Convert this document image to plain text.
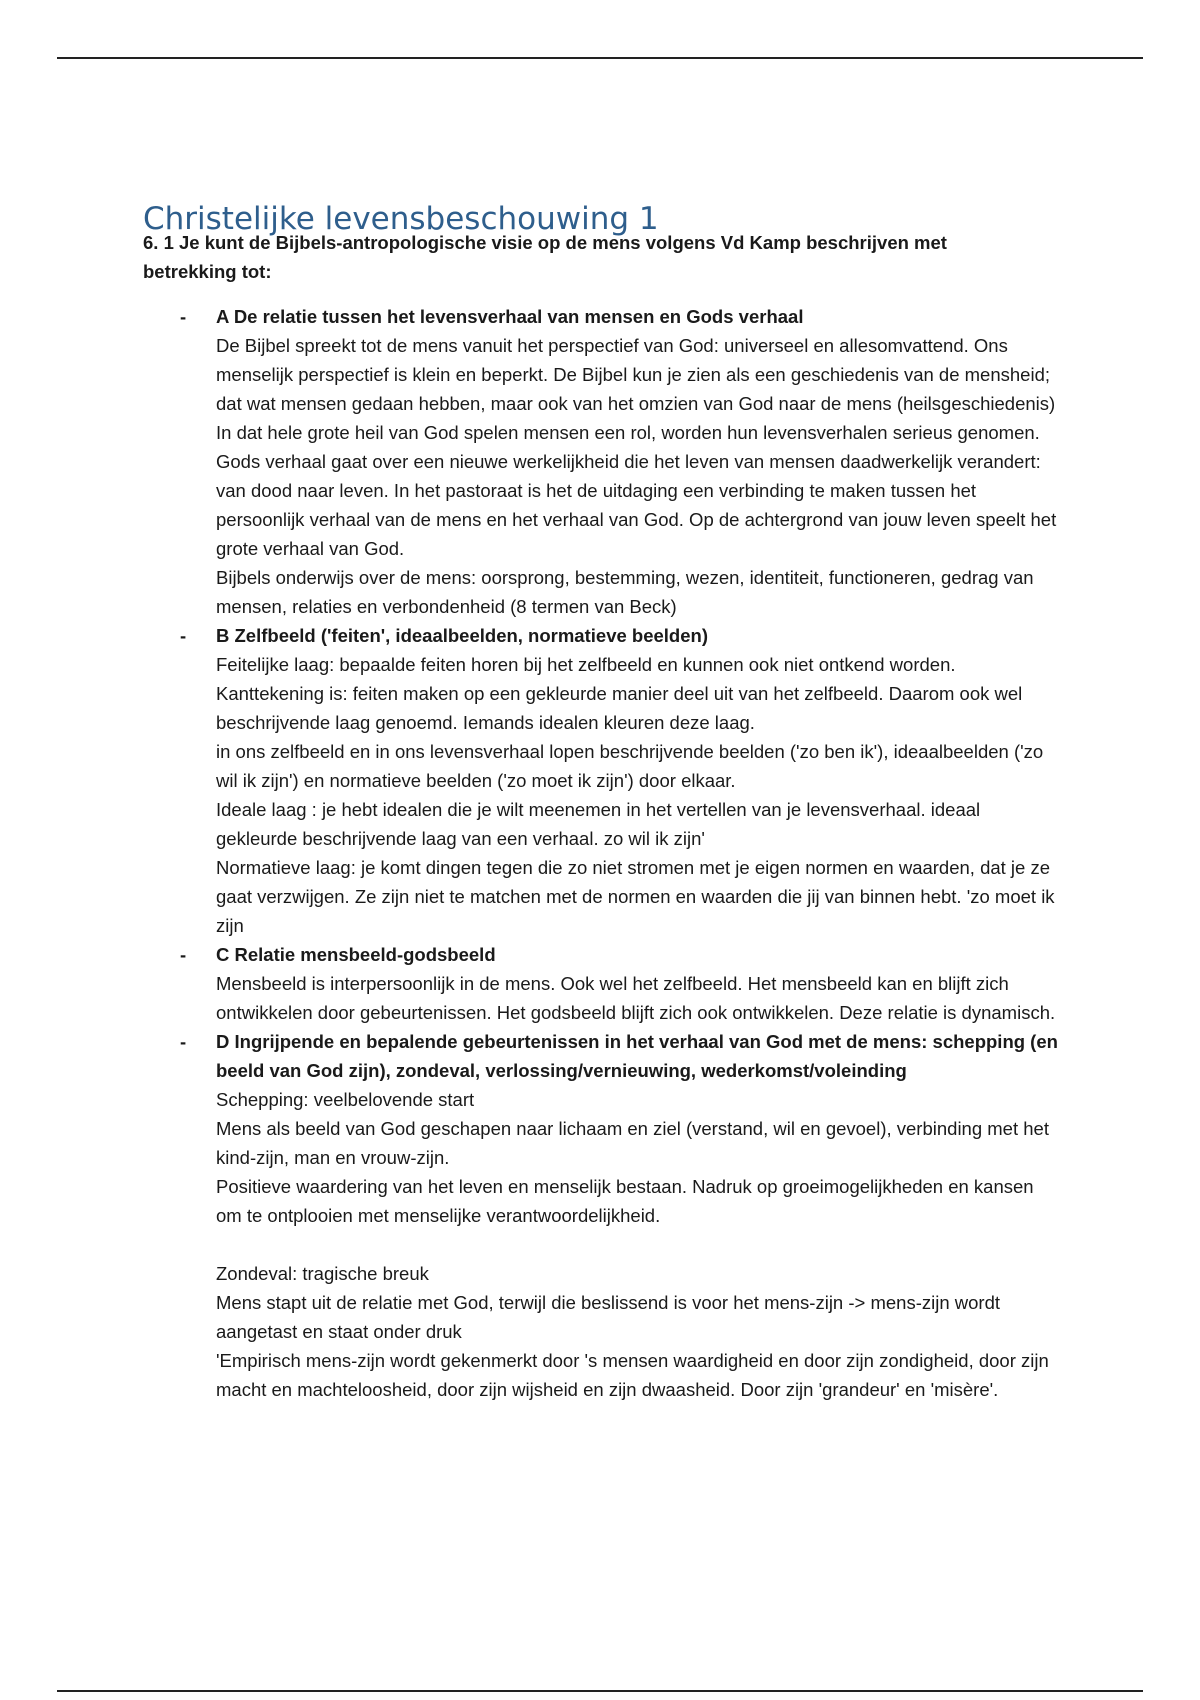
Christelijke levensbeschouwing 1
6. 1 Je kunt de Bijbels-antropologische visie op de mens volgens Vd Kamp beschrijven met betrekking tot:
- A De relatie tussen het levensverhaal van mensen en Gods verhaal

De Bijbel spreekt tot de mens vanuit het perspectief van God: universeel en allesomvattend. Ons menselijk perspectief is klein en beperkt. De Bijbel kun je zien als een geschiedenis van de mensheid; dat wat mensen gedaan hebben, maar ook van het omzien van God naar de mens (heilsgeschiedenis) In dat hele grote heil van God spelen mensen een rol, worden hun levensverhalen serieus genomen. Gods verhaal gaat over een nieuwe werkelijkheid die het leven van mensen daadwerkelijk verandert: van dood naar leven. In het pastoraat is het de uitdaging een verbinding te maken tussen het persoonlijk verhaal van de mens en het verhaal van God. Op de achtergrond van jouw leven speelt het grote verhaal van God.

Bijbels onderwijs over de mens: oorsprong, bestemming, wezen, identiteit, functioneren, gedrag van mensen, relaties en verbondenheid (8 termen van Beck)

- B Zelfbeeld ('feiten', ideaalbeelden, normatieve beelden)

Feitelijke laag: bepaalde feiten horen bij het zelfbeeld en kunnen ook niet ontkend worden. Kanttekening is: feiten maken op een gekleurde manier deel uit van het zelfbeeld. Daarom ook wel beschrijvende laag genoemd. Iemands idealen kleuren deze laag.

in ons zelfbeeld en in ons levensverhaal lopen beschrijvende beelden ('zo ben ik'), ideaalbeelden ('zo wil ik zijn') en normatieve beelden ('zo moet ik zijn') door elkaar.

Ideale laag : je hebt idealen die je wilt meenemen in het vertellen van je levensverhaal. ideaal gekleurde beschrijvende laag van een verhaal. zo wil ik zijn'

Normatieve laag: je komt dingen tegen die zo niet stromen met je eigen normen en waarden, dat je ze gaat verzwijgen. Ze zijn niet te matchen met de normen en waarden die jij van binnen hebt. 'zo moet ik zijn

- C Relatie mensbeeld-godsbeeld

Mensbeeld is interpersoonlijk in de mens. Ook wel het zelfbeeld. Het mensbeeld kan en blijft zich ontwikkelen door gebeurtenissen. Het godsbeeld blijft zich ook ontwikkelen. Deze relatie is dynamisch.

- D Ingrijpende en bepalende gebeurtenissen in het verhaal van God met de mens: schepping (en beeld van God zijn), zondeval, verlossing/vernieuwing, wederkomst/voleinding

Schepping: veelbelovende start

Mens als beeld van God geschapen naar lichaam en ziel (verstand, wil en gevoel), verbinding met het kind-zijn, man en vrouw-zijn.

Positieve waardering van het leven en menselijk bestaan. Nadruk op groeimogelijkheden en kansen om te ontplooien met menselijke verantwoordelijkheid.

Zondeval: tragische breuk

Mens stapt uit de relatie met God, terwijl die beslissend is voor het mens-zijn -> mens-zijn wordt aangetast en staat onder druk

'Empirisch mens-zijn wordt gekenmerkt door 's mensen waardigheid en door zijn zondigheid, door zijn macht en machteloosheid, door zijn wijsheid en zijn dwaasheid. Door zijn 'grandeur' en 'misère'.
